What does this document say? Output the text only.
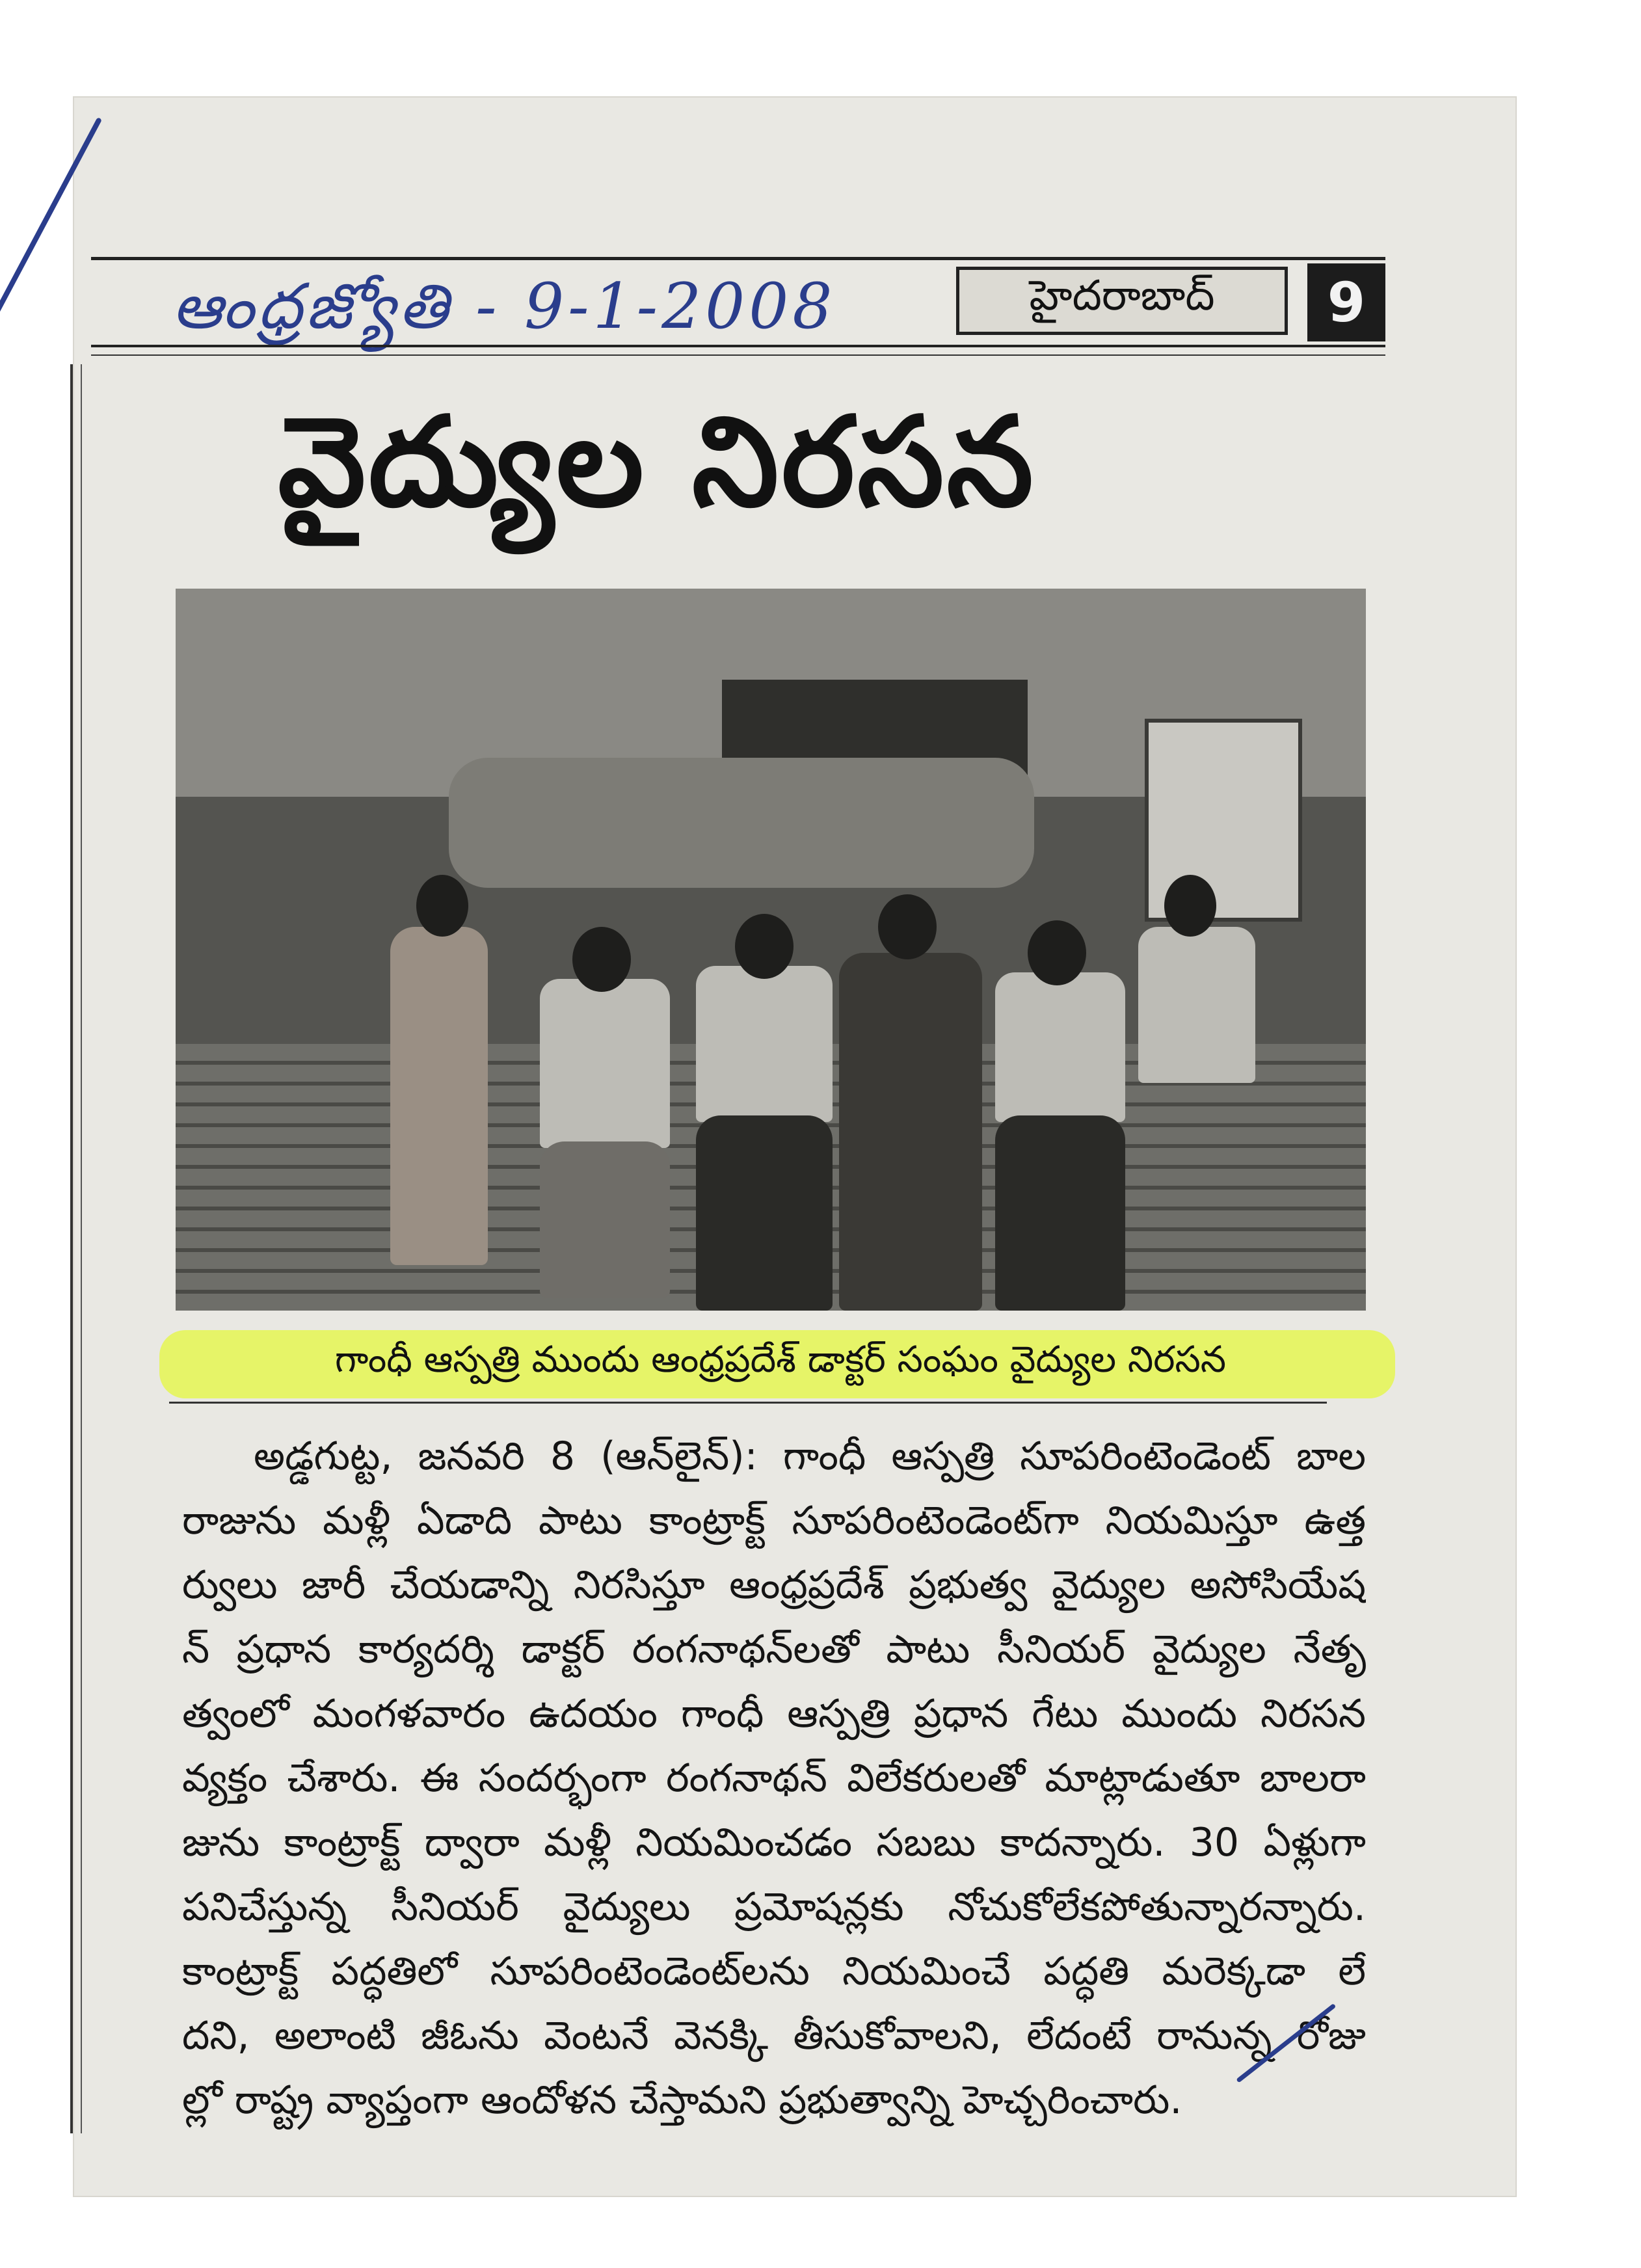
ఆంధ్రజ్యోతి - 9-1-2008	హైదరాబాద్	9
వైద్యుల నిరసన
గాంధీ ఆస్పత్రి ముందు ఆంధ్రప్రదేశ్ డాక్టర్ సంఘం వైద్యుల నిరసన
అడ్డగుట్ట, జనవరి 8 (ఆన్‌లైన్): గాంధీ ఆస్పత్రి సూపరింటెండెంట్ బాల
రాజును మళ్లీ ఏడాది పాటు కాంట్రాక్ట్ సూపరింటెండెంట్‌గా నియమిస్తూ ఉత్త
ర్వులు జారీ చేయడాన్ని నిరసిస్తూ ఆంధ్రప్రదేశ్ ప్రభుత్వ వైద్యుల అసోసియేష
న్ ప్రధాన కార్యదర్శి డాక్టర్ రంగనాథన్‌లతో పాటు సీనియర్ వైద్యుల నేతృ
త్వంలో మంగళవారం ఉదయం గాంధీ ఆస్పత్రి ప్రధాన గేటు ముందు నిరసన
వ్యక్తం చేశారు. ఈ సందర్భంగా రంగనాథన్ విలేకరులతో మాట్లాడుతూ బాలరా
జును కాంట్రాక్ట్ ద్వారా మళ్లీ నియమించడం సబబు కాదన్నారు. 30 ఏళ్లుగా
పనిచేస్తున్న సీనియర్ వైద్యులు ప్రమోషన్లకు నోచుకోలేకపోతున్నారన్నారు.
కాంట్రాక్ట్ పద్ధతిలో సూపరింటెండెంట్‌లను నియమించే పద్ధతి మరెక్కడా లే
దని, అలాంటి జీఓను వెంటనే వెనక్కి తీసుకోవాలని, లేదంటే రానున్న రోజు
ల్లో రాష్ట్ర వ్యాప్తంగా ఆందోళన చేస్తామని ప్రభుత్వాన్ని హెచ్చరించారు.
